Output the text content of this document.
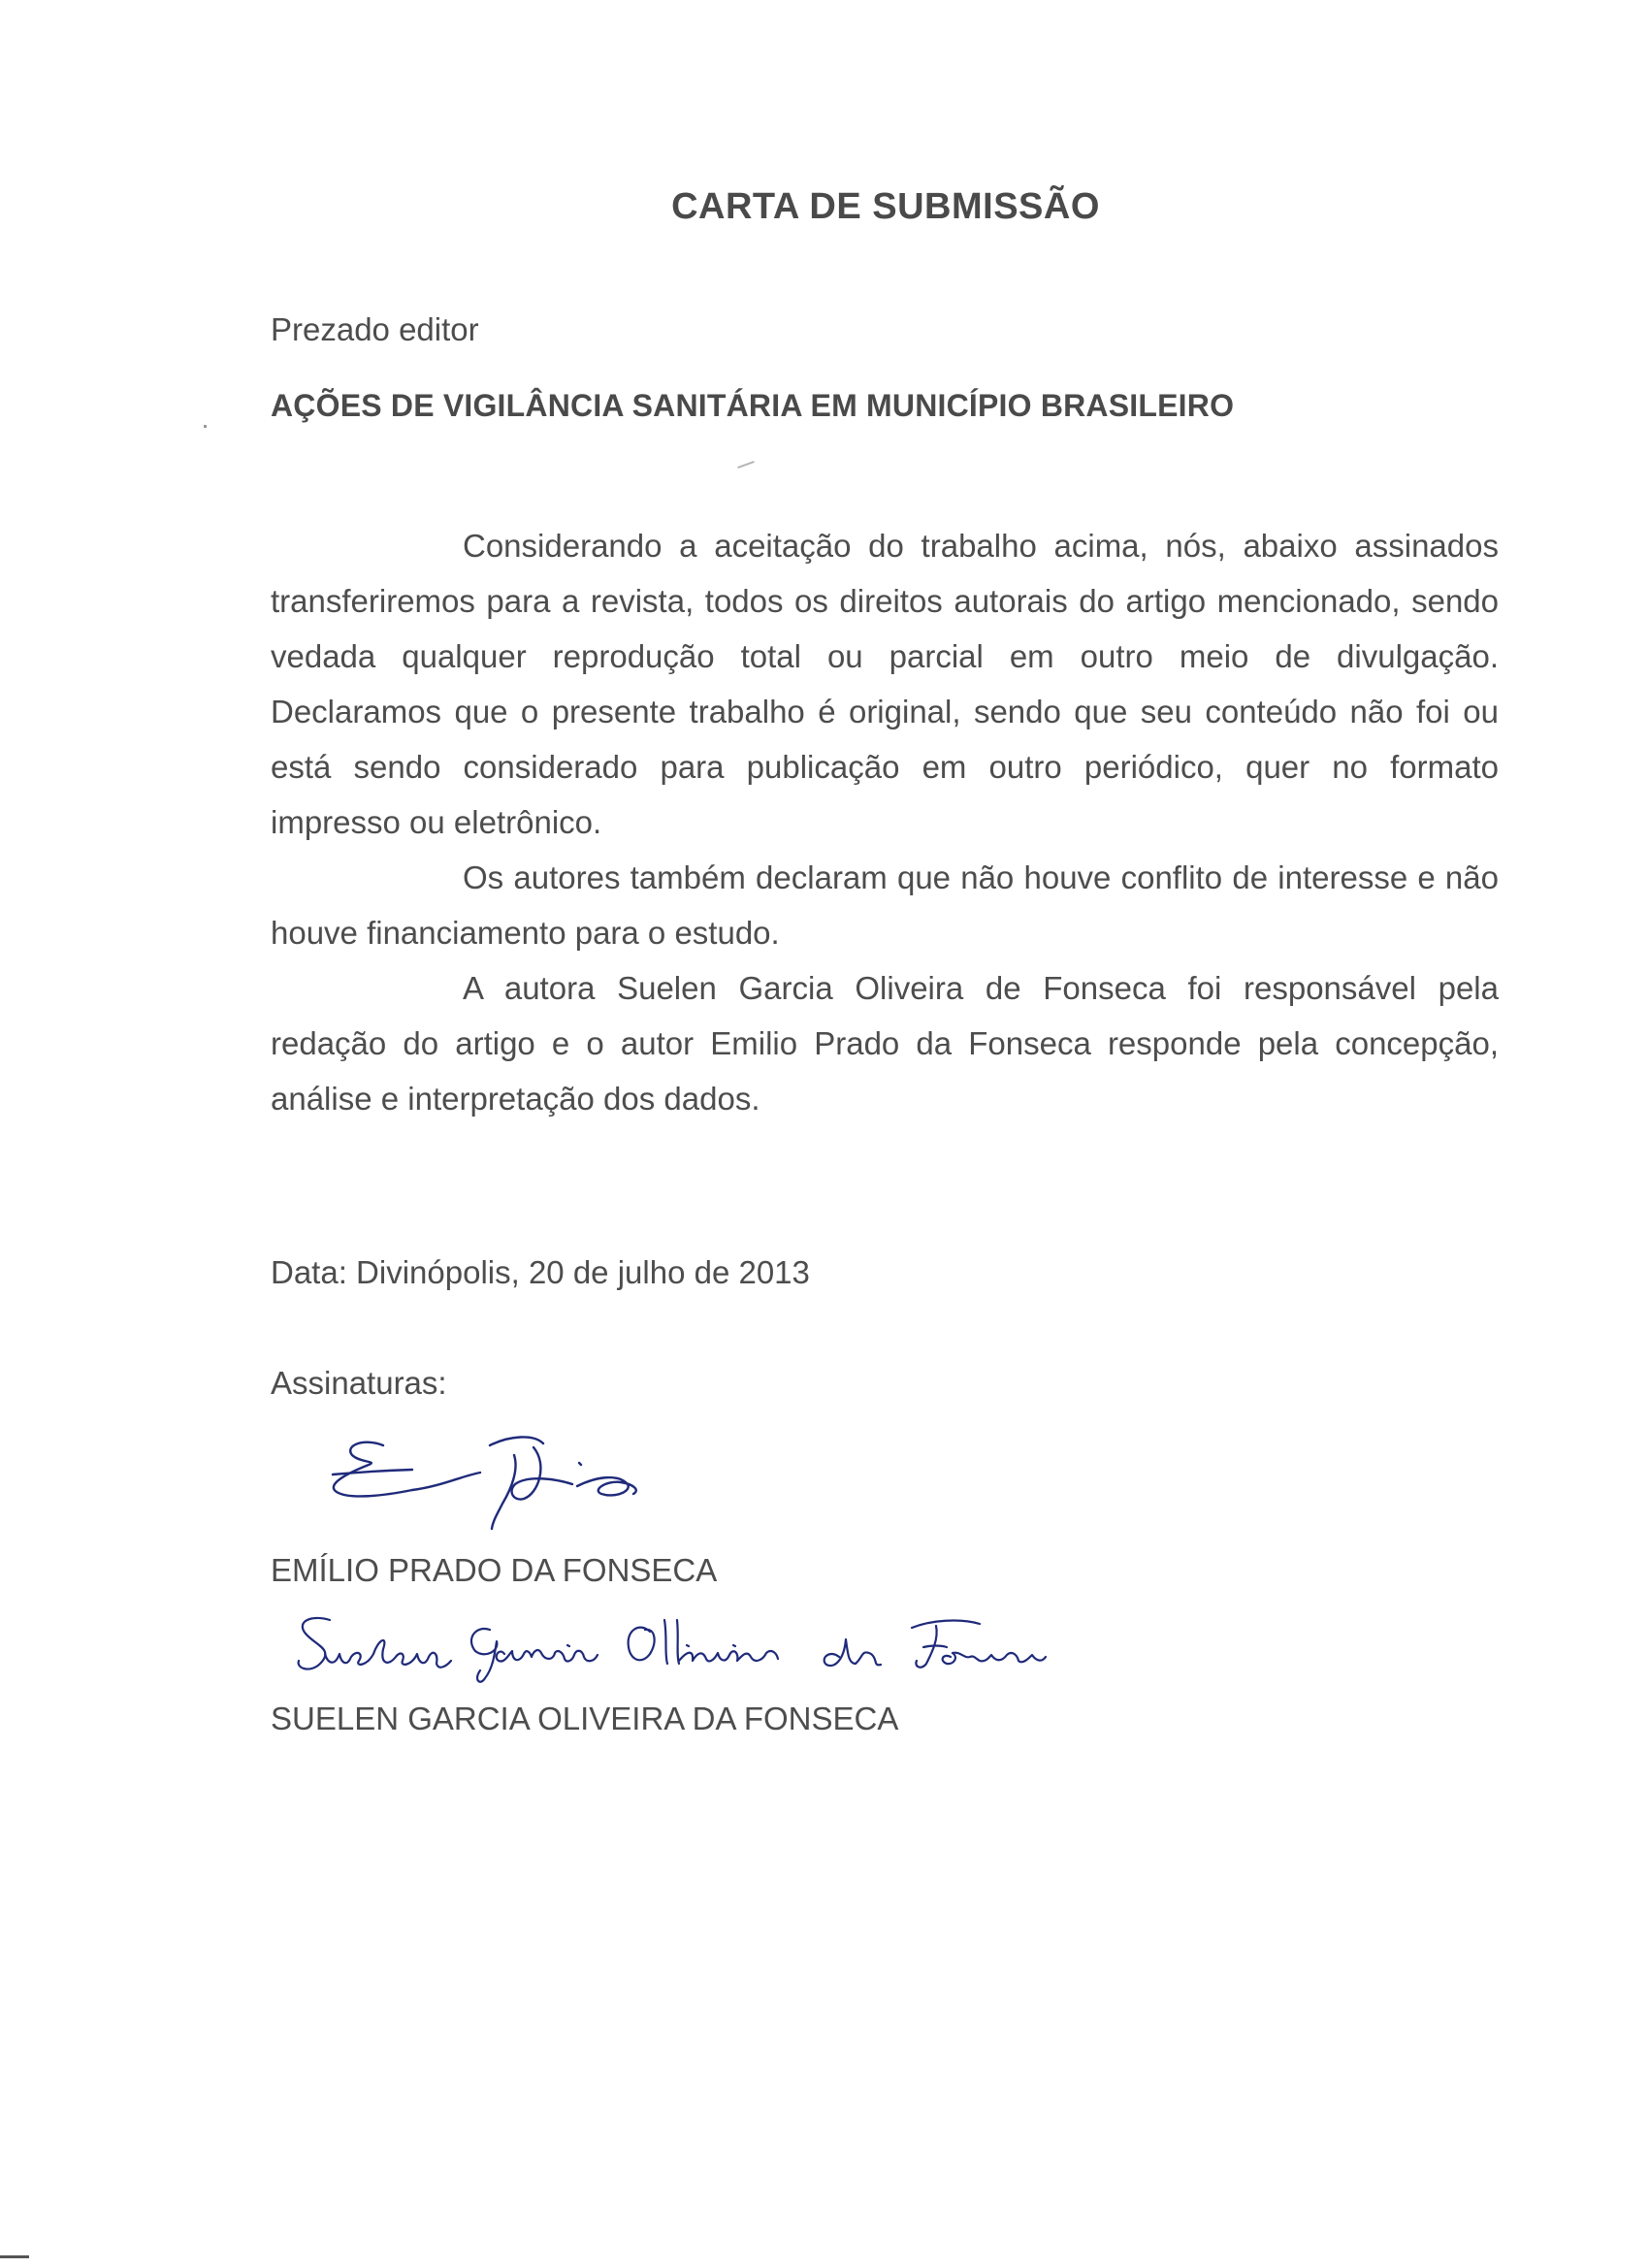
CARTA DE SUBMISSÃO
Prezado editor
AÇÕES DE VIGILÂNCIA SANITÁRIA EM MUNICÍPIO BRASILEIRO

Considerando a aceitação do trabalho acima, nós, abaixo assinados transferiremos para a revista, todos os direitos autorais do artigo mencionado, sendo vedada qualquer reprodução total ou parcial em outro meio de divulgação. Declaramos que o presente trabalho é original, sendo que seu conteúdo não foi ou está sendo considerado para publicação em outro periódico, quer no formato impresso ou eletrônico.

Os autores também declaram que não houve conflito de interesse e não houve financiamento para o estudo.

A autora Suelen Garcia Oliveira de Fonseca foi responsável pela redação do artigo e o autor Emilio Prado da Fonseca responde pela concepção, análise e interpretação dos dados.

Data: Divinópolis, 20 de julho de 2013
Assinaturas:
EMÍLIO PRADO DA FONSECA
SUELEN GARCIA OLIVEIRA DA FONSECA
